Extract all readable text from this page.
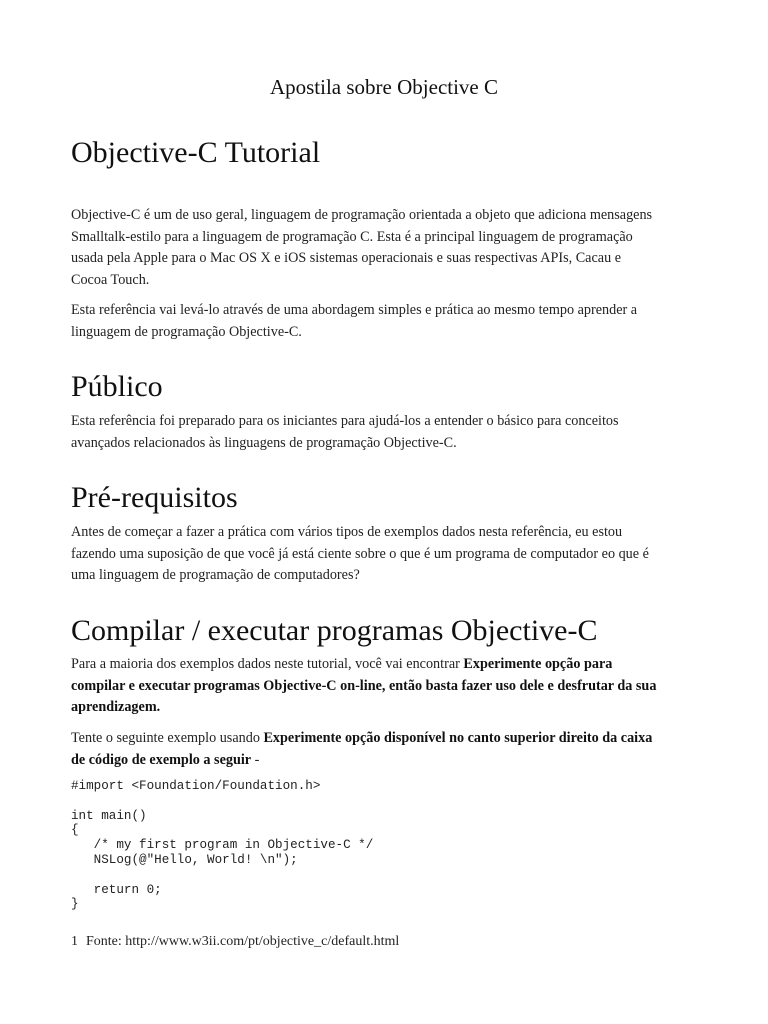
Apostila sobre Objective C
Objective-C Tutorial
Objective-C é um de uso geral, linguagem de programação orientada a objeto que adiciona mensagens
Smalltalk-estilo para a linguagem de programação C. Esta é a principal linguagem de programação
usada pela Apple para o Mac OS X e iOS sistemas operacionais e suas respectivas APIs, Cacau e
Cocoa Touch.
Esta referência vai levá-lo através de uma abordagem simples e prática ao mesmo tempo aprender a
linguagem de programação Objective-C.
Público
Esta referência foi preparado para os iniciantes para ajudá-los a entender o básico para conceitos
avançados relacionados às linguagens de programação Objective-C.
Pré-requisitos
Antes de começar a fazer a prática com vários tipos de exemplos dados nesta referência, eu estou
fazendo uma suposição de que você já está ciente sobre o que é um programa de computador eo que é
uma linguagem de programação de computadores?
Compilar / executar programas Objective-C
Para a maioria dos exemplos dados neste tutorial, você vai encontrar Experimente opção para
compilar e executar programas Objective-C on-line, então basta fazer uso dele e desfrutar da sua
aprendizagem.
Tente o seguinte exemplo usando Experimente opção disponível no canto superior direito da caixa
de código de exemplo a seguir -
#import <Foundation/Foundation.h>

int main()
{
/* my first program in Objective-C */
NSLog(@"Hello, World! \n");

return 0;
}
1 Fonte: http://www.w3ii.com/pt/objective_c/default.html
